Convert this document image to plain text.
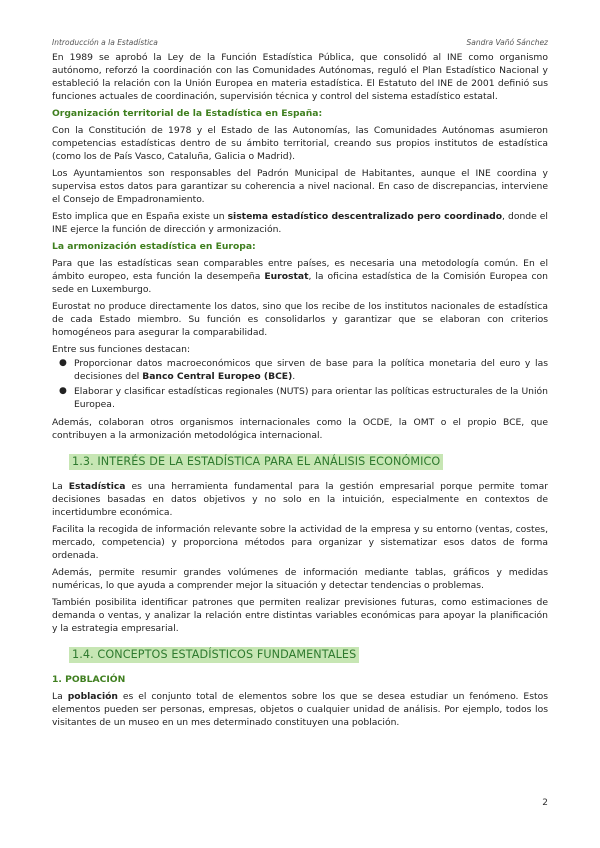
Introducción a la Estadística	Sandra Vañó Sánchez

En 1989 se aprobó la Ley de la Función Estadística Pública, que consolidó al INE como organismo autónomo, reforzó la coordinación con las Comunidades Autónomas, reguló el Plan Estadístico Nacional y estableció la relación con la Unión Europea en materia estadística. El Estatuto del INE de 2001 definió sus funciones actuales de coordinación, supervisión técnica y control del sistema estadístico estatal.

Organización territorial de la Estadística en España:

Con la Constitución de 1978 y el Estado de las Autonomías, las Comunidades Autónomas asumieron competencias estadísticas dentro de su ámbito territorial, creando sus propios institutos de estadística (como los de País Vasco, Cataluña, Galicia o Madrid).

Los Ayuntamientos son responsables del Padrón Municipal de Habitantes, aunque el INE coordina y supervisa estos datos para garantizar su coherencia a nivel nacional. En caso de discrepancias, interviene el Consejo de Empadronamiento.

Esto implica que en España existe un sistema estadístico descentralizado pero coordinado, donde el INE ejerce la función de dirección y armonización.

La armonización estadística en Europa:

Para que las estadísticas sean comparables entre países, es necesaria una metodología común. En el ámbito europeo, esta función la desempeña Eurostat, la oficina estadística de la Comisión Europea con sede en Luxemburgo.

Eurostat no produce directamente los datos, sino que los recibe de los institutos nacionales de estadística de cada Estado miembro. Su función es consolidarlos y garantizar que se elaboran con criterios homogéneos para asegurar la comparabilidad.

Entre sus funciones destacan:

● Proporcionar datos macroeconómicos que sirven de base para la política monetaria del euro y las decisiones del Banco Central Europeo (BCE).
● Elaborar y clasificar estadísticas regionales (NUTS) para orientar las políticas estructurales de la Unión Europea.

Además, colaboran otros organismos internacionales como la OCDE, la OMT o el propio BCE, que contribuyen a la armonización metodológica internacional.

1.3. INTERÉS DE LA ESTADÍSTICA PARA EL ANÁLISIS ECONÓMICO

La Estadística es una herramienta fundamental para la gestión empresarial porque permite tomar decisiones basadas en datos objetivos y no solo en la intuición, especialmente en contextos de incertidumbre económica.

Facilita la recogida de información relevante sobre la actividad de la empresa y su entorno (ventas, costes, mercado, competencia) y proporciona métodos para organizar y sistematizar esos datos de forma ordenada.

Además, permite resumir grandes volúmenes de información mediante tablas, gráficos y medidas numéricas, lo que ayuda a comprender mejor la situación y detectar tendencias o problemas.

También posibilita identificar patrones que permiten realizar previsiones futuras, como estimaciones de demanda o ventas, y analizar la relación entre distintas variables económicas para apoyar la planificación y la estrategia empresarial.

1.4. CONCEPTOS ESTADÍSTICOS FUNDAMENTALES

1. POBLACIÓN

La población es el conjunto total de elementos sobre los que se desea estudiar un fenómeno. Estos elementos pueden ser personas, empresas, objetos o cualquier unidad de análisis. Por ejemplo, todos los visitantes de un museo en un mes determinado constituyen una población.

2
